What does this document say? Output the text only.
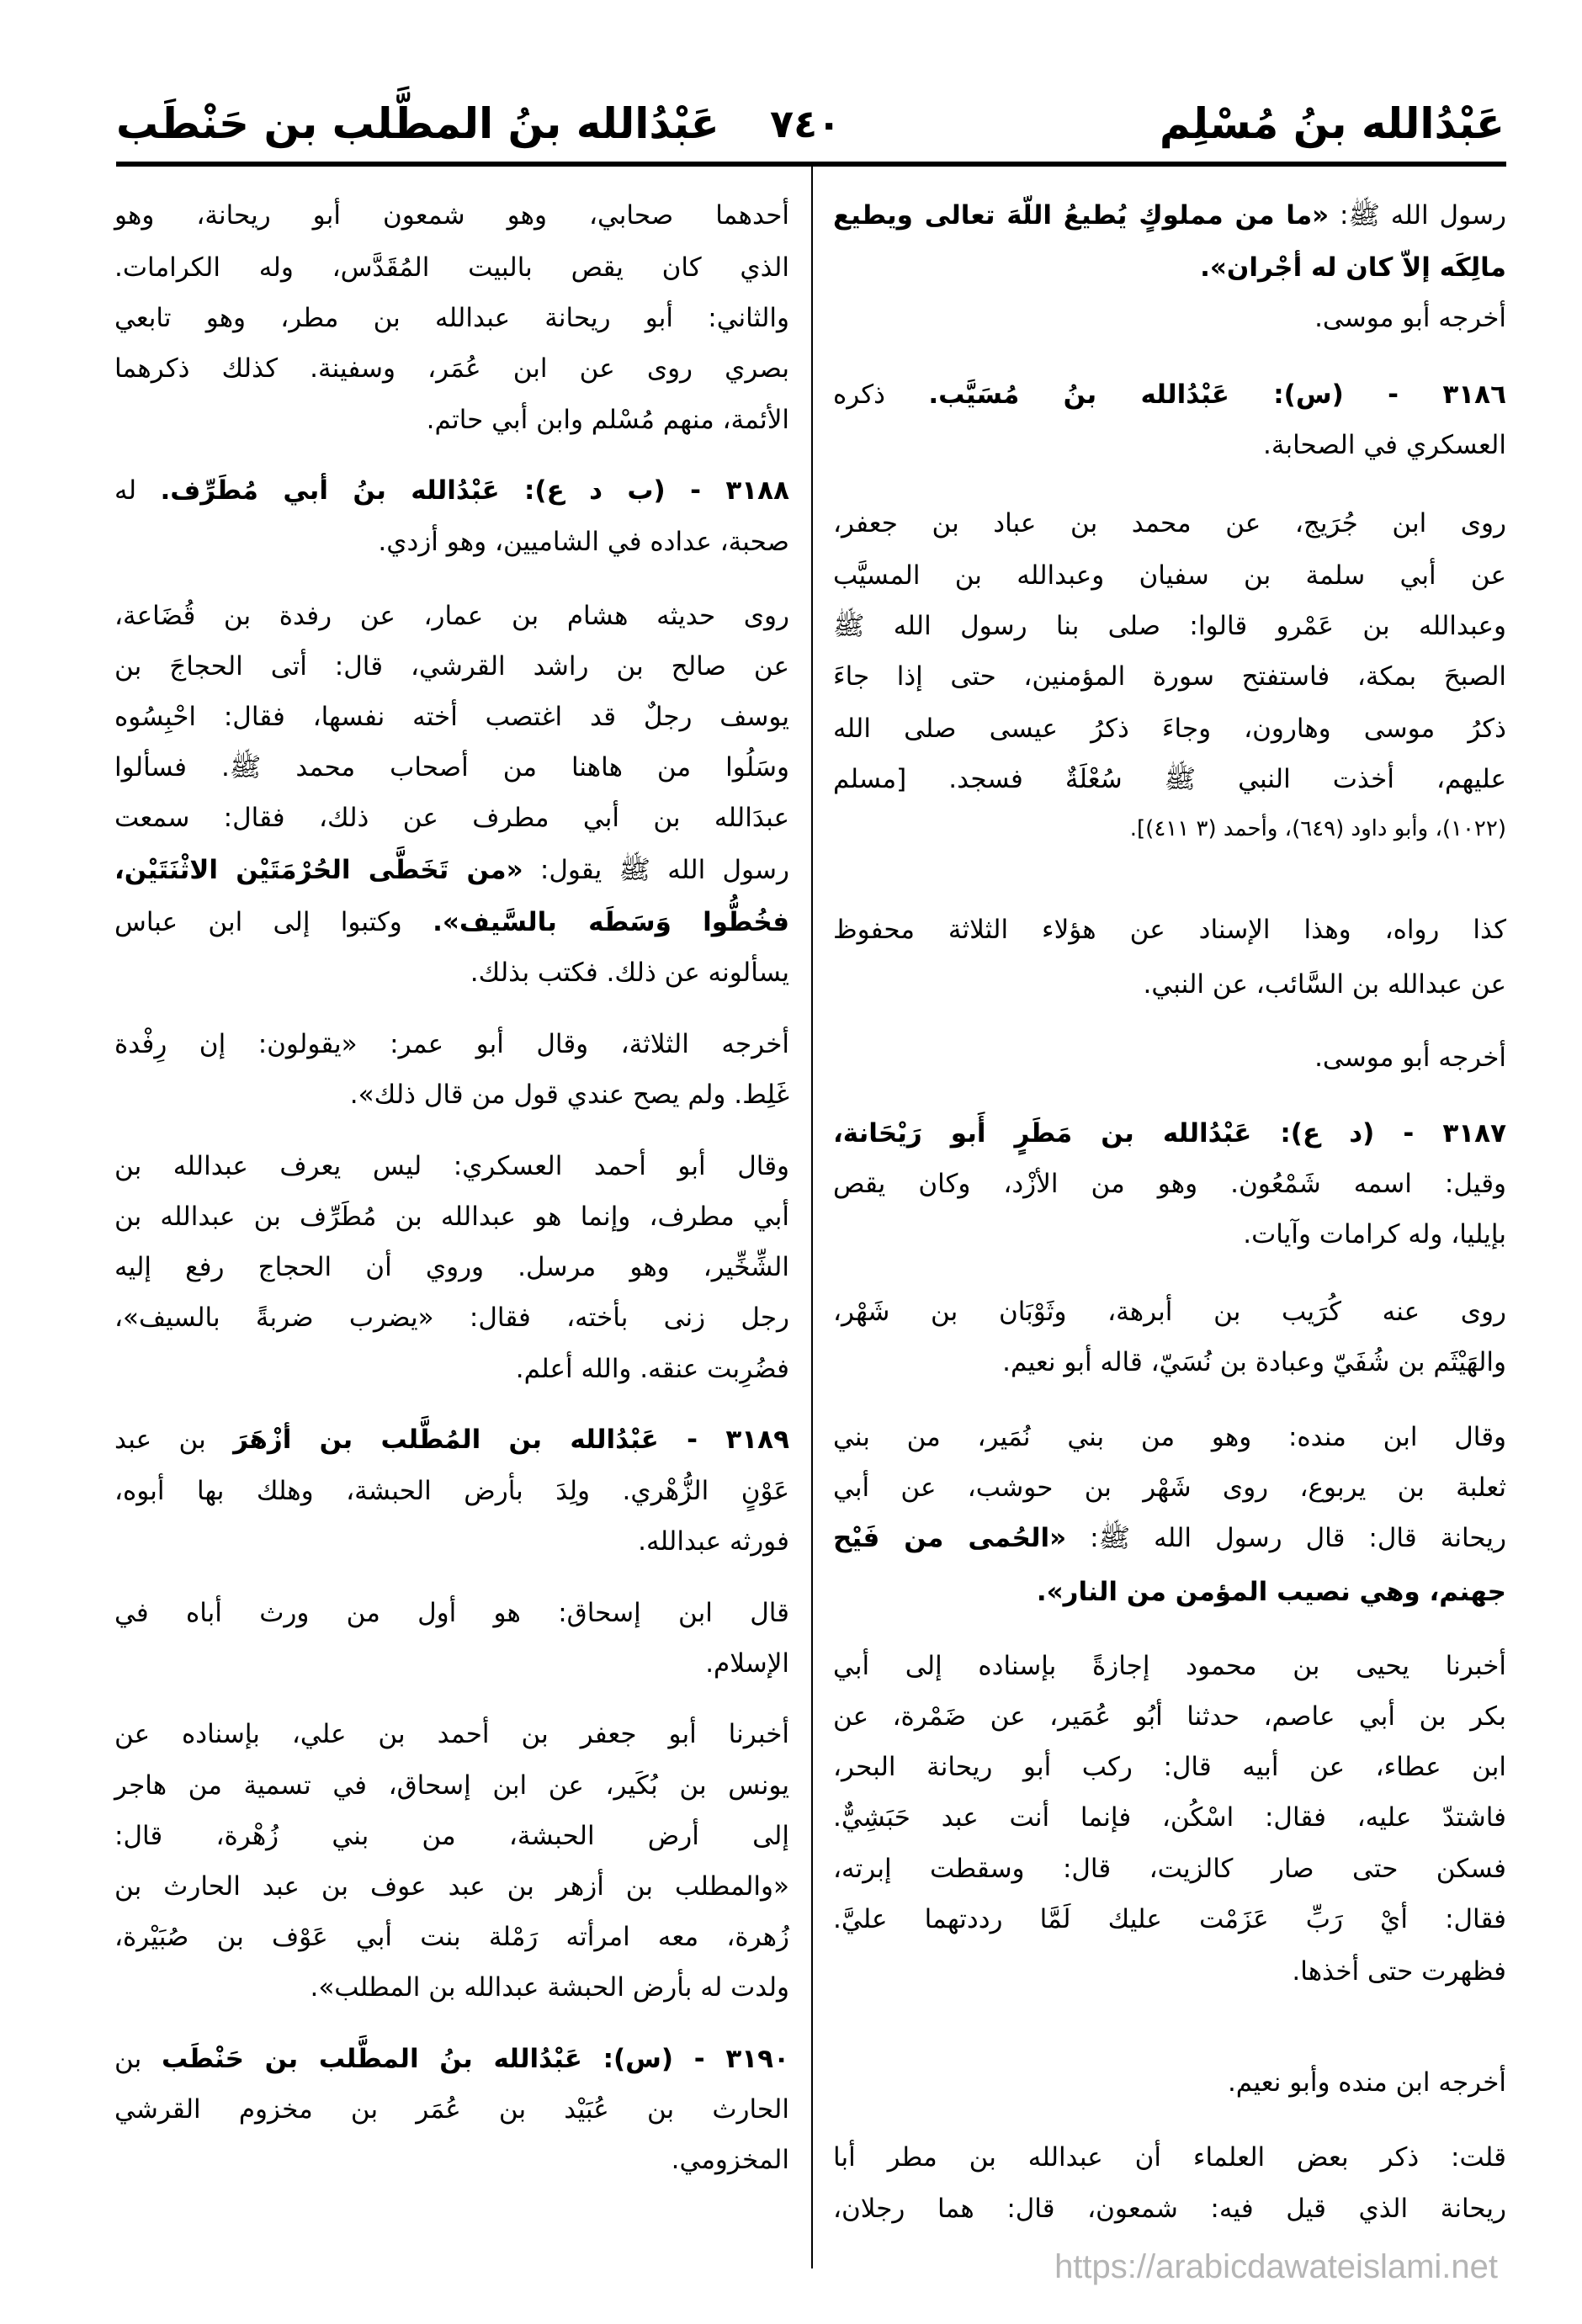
عَبْدُالله بنُ مُسْلِم
٧٤٠
عَبْدُالله بنُ المطَّلب بن حَنْطَب
رسول الله ﷺ: «ما من مملوكٍ يُطيعُ اللّهَ تعالى ويطيع
مالِكَه إلاّ كان له أجْران».
أخرجه أبو موسى.
٣١٨٦ - (س): عَبْدُالله بنُ مُسَيَّب. ذكره
العسكري في الصحابة.
روى ابن جُرَيج، عن محمد بن عباد بن جعفر،
عن أبي سلمة بن سفيان وعبدالله بن المسيَّب
وعبدالله بن عَمْرو قالوا: صلى بنا رسول الله ﷺ
الصبحَ بمكة، فاستفتح سورة المؤمنين، حتى إذا جاءَ
ذكرُ موسى وهارون، وجاءَ ذكرُ عيسى صلى الله
عليهم، أخذت النبي ﷺ سُعْلَةٌ فسجد. [مسلم
(١٠٢٢)، وأبو داود (٦٤٩)، وأحمد (٣ ٤١١)].
كذا رواه، وهذا الإسناد عن هؤلاء الثلاثة محفوظ
عن عبدالله بن السَّائب، عن النبي.
أخرجه أبو موسى.
٣١٨٧ - (د ع): عَبْدُالله بن مَطَرٍ أَبو رَيْحَانة،
وقيل: اسمه شَمْعُون. وهو من الأزْد، وكان يقص
بإيليا، وله كرامات وآيات.
روى عنه كُرَيب بن أبرهة، وثَوْبَان بن شَهْر،
والهَيْثَم بن شُفَيّ وعبادة بن نُسَيّ، قاله أبو نعيم.
وقال ابن منده: وهو من بني نُمَير، من بني
ثعلبة بن يربوع، روى شَهْر بن حوشب، عن أبي
ريحانة قال: قال رسول الله ﷺ: «الحُمى من فَيْح
جهنم، وهي نصيب المؤمن من النار».
أخبرنا يحيى بن محمود إجازةً بإسناده إلى أبي
بكر بن أبي عاصم، حدثنا أبُو عُمَير، عن ضَمْرة، عن
ابن عطاء، عن أبيه قال: ركب أبو ريحانة البحر،
فاشتدّ عليه، فقال: اسْكُن، فإنما أنت عبد حَبَشِيٌّ.
فسكن حتى صار كالزيت، قال: وسقطت إبرته،
فقال: أيْ رَبِّ عَزَمْت عليك لَمَّا رددتهما عليَّ.
فظهرت حتى أخذها.
أخرجه ابن منده وأبو نعيم.
قلت: ذكر بعض العلماء أن عبدالله بن مطر أبا
ريحانة الذي قيل فيه: شمعون، قال: هما رجلان،
أحدهما صحابي، وهو شمعون أبو ريحانة، وهو
الذي كان يقص بالبيت المُقَدَّس، وله الكرامات.
والثاني: أبو ريحانة عبدالله بن مطر، وهو تابعي
بصري روى عن ابن عُمَر، وسفينة. كذلك ذكرهما
الأئمة، منهم مُسْلم وابن أبي حاتم.
٣١٨٨ - (ب د ع): عَبْدُالله بنُ أبي مُطَرِّف. له
صحبة، عداده في الشاميين، وهو أزدي.
روى حديثه هشام بن عمار، عن رفدة بن قُضَاعة،
عن صالح بن راشد القرشي، قال: أتى الحجاجَ بن
يوسف رجلٌ قد اغتصب أخته نفسها، فقال: احْبِسُوه
وسَلُوا من هاهنا من أصحاب محمد ﷺ. فسألوا
عبدَالله بن أبي مطرف عن ذلك، فقال: سمعت
رسول الله ﷺ يقول: «من تَخَطَّى الحُرْمَتَيْن الاثْنَتَيْن،
فخُطُّوا وَسَطَه بالسَّيف». وكتبوا إلى ابن عباس
يسألونه عن ذلك. فكتب بذلك.
أخرجه الثلاثة، وقال أبو عمر: «يقولون: إن رِفْدة
غَلِط. ولم يصح عندي قول من قال ذلك».
وقال أبو أحمد العسكري: ليس يعرف عبدالله بن
أبي مطرف، وإنما هو عبدالله بن مُطَرِّف بن عبدالله بن
الشِّخِّير، وهو مرسل. وروي أن الحجاج رفع إليه
رجل زنى بأخته، فقال: «يضرب ضربةً بالسيف»،
فضُرِبت عنقه. والله أعلم.
٣١٨٩ - عَبْدُالله بن المُطَّلب بن أزْهَرَ بن عبد
عَوْنٍ الزُّهْري. ولِدَ بأرض الحبشة، وهلك بها أبوه،
فورثه عبدالله.
قال ابن إسحاق: هو أول من ورث أباه في
الإسلام.
أخبرنا أبو جعفر بن أحمد بن علي، بإسناده عن
يونس بن بُكَير، عن ابن إسحاق، في تسمية من هاجر
إلى أرض الحبشة، من بني زُهْرة، قال:
«والمطلب بن أزهر بن عبد عوف بن عبد الحارث بن
زُهرة، معه امرأته رَمْلة بنت أبي عَوْف بن صُبَيْرة،
ولدت له بأرض الحبشة عبدالله بن المطلب».
٣١٩٠ - (س): عَبْدُالله بنُ المطَّلب بن حَنْطَب بن
الحارث بن عُبَيْد بن عُمَر بن مخزوم القرشي
المخزومي.
https://arabicdawateislami.net
